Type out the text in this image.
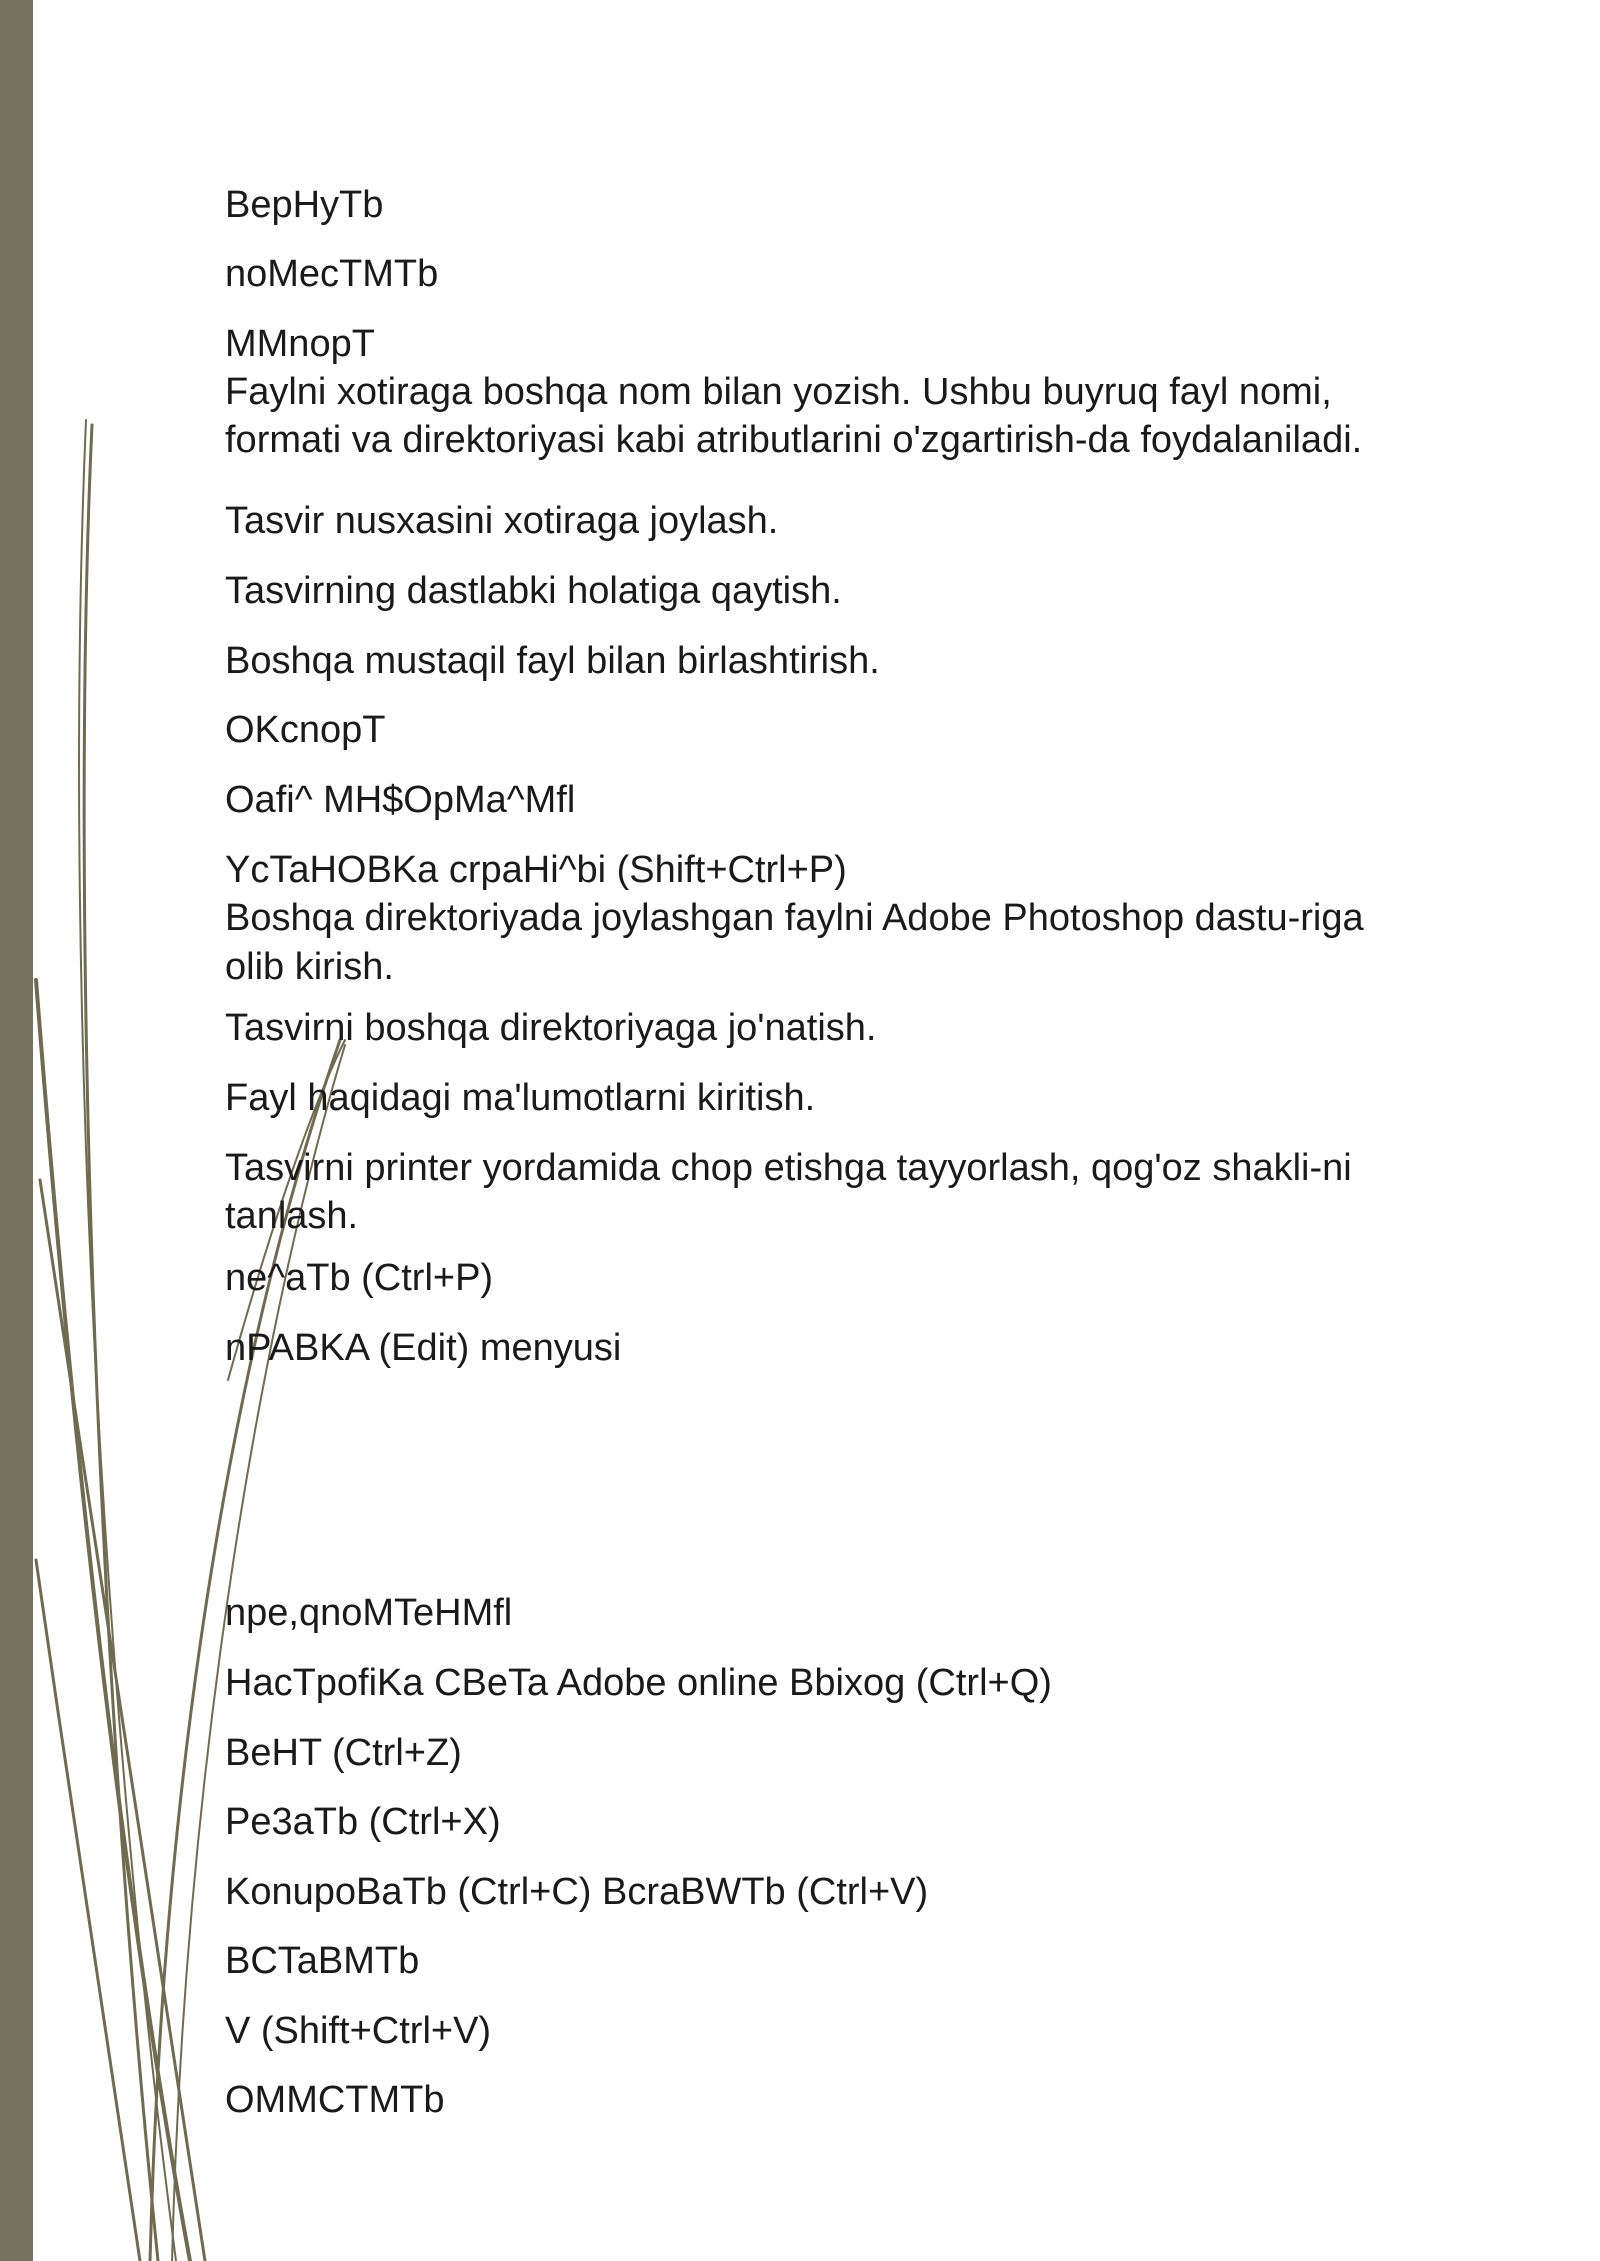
BepHyTb

noMecTMTb

MMnopT

Faylni xotiraga boshqa nom bilan yozish. Ushbu buyruq fayl nomi,

formati va direktoriyasi kabi atributlarini o'zgartirish-da foydalaniladi.

Tasvir nusxasini xotiraga joylash.

Tasvirning dastlabki holatiga qaytish.

Boshqa mustaqil fayl bilan birlashtirish.

OKcnopT

Oafi^ MH$OpMa^Mfl

YcTaHOBKa crpaHi^bi (Shift+Ctrl+P)

Boshqa direktoriyada joylashgan faylni Adobe Photoshop dastu-riga

olib kirish.

Tasvirni boshqa direktoriyaga jo'natish.

Fayl haqidagi ma'lumotlarni kiritish.

Tasvirni printer yordamida chop etishga tayyorlash, qog'oz shakli-ni

tanlash.

ne^aTb (Ctrl+P)

nPABKA (Edit) menyusi

npe,qnoMTeHMfl

HacTpofiKa CBeTa Adobe online Bbixog (Ctrl+Q)

BeHT (Ctrl+Z)

Pe3aTb (Ctrl+X)

KonupoBaTb (Ctrl+C) BcraBWTb (Ctrl+V)

BCTaBMTb

V (Shift+Ctrl+V)

OMMCTMTb
